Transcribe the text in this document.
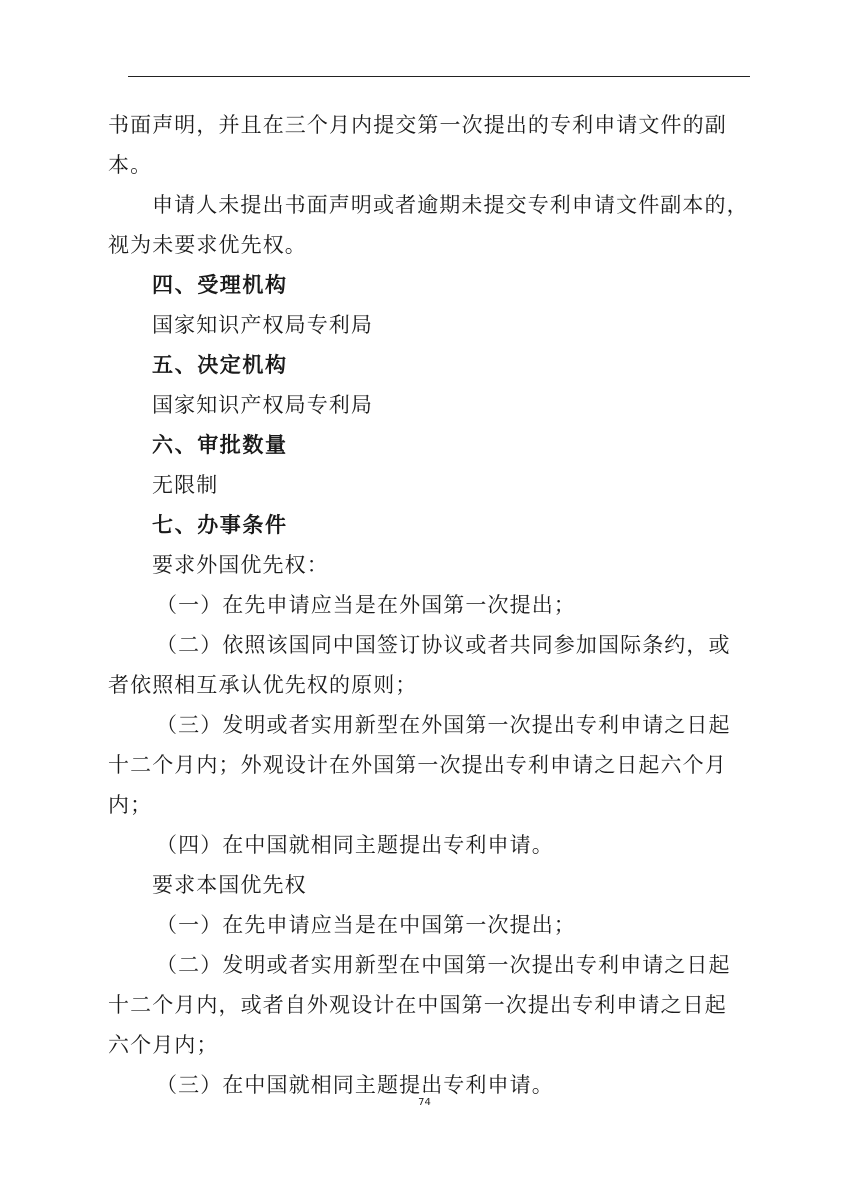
书面声明，并且在三个月内提交第一次提出的专利申请文件的副
本。
申请人未提出书面声明或者逾期未提交专利申请文件副本的，
视为未要求优先权。
四、受理机构
国家知识产权局专利局
五、决定机构
国家知识产权局专利局
六、审批数量
无限制
七、办事条件
要求外国优先权：
（一）在先申请应当是在外国第一次提出；
（二）依照该国同中国签订协议或者共同参加国际条约，或
者依照相互承认优先权的原则；
（三）发明或者实用新型在外国第一次提出专利申请之日起
十二个月内；外观设计在外国第一次提出专利申请之日起六个月
内；
（四）在中国就相同主题提出专利申请。
要求本国优先权
（一）在先申请应当是在中国第一次提出；
（二）发明或者实用新型在中国第一次提出专利申请之日起
十二个月内，或者自外观设计在中国第一次提出专利申请之日起
六个月内；
（三）在中国就相同主题提出专利申请。
74
